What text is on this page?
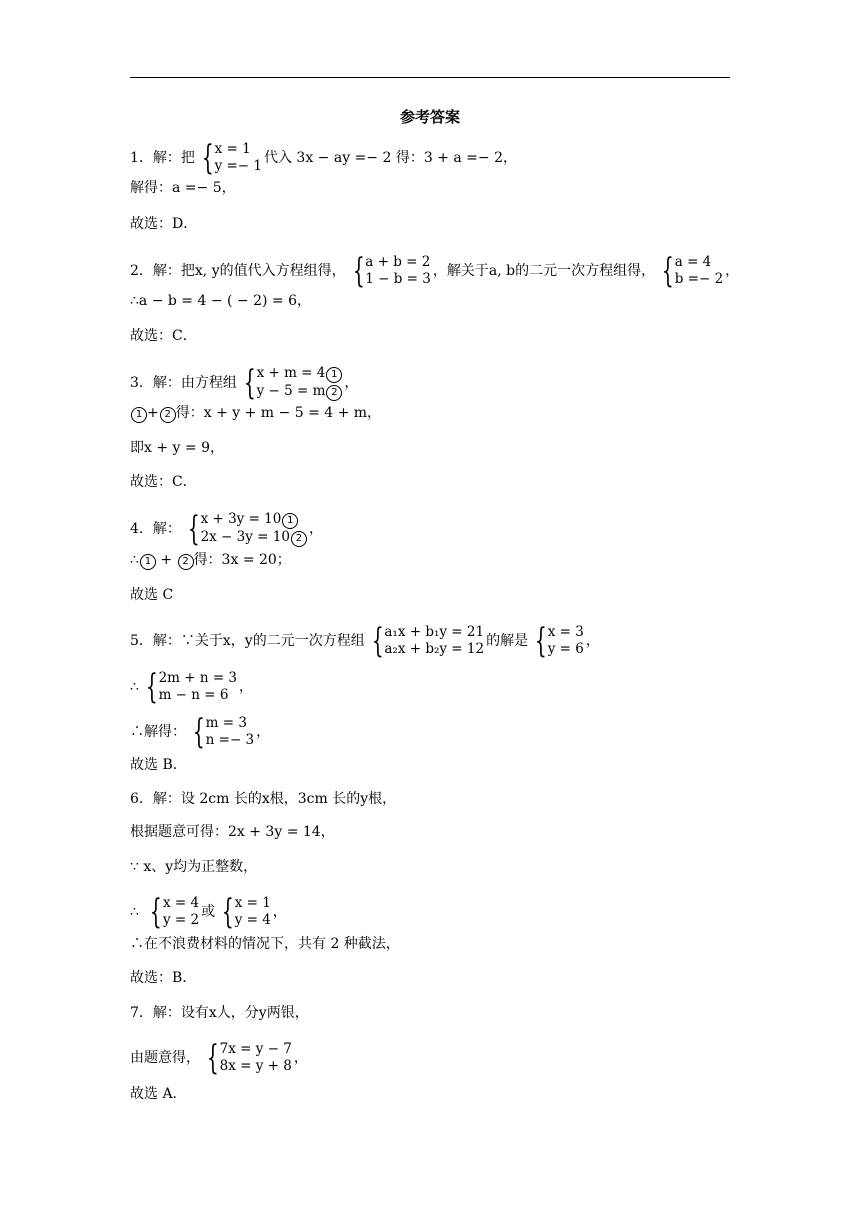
参考答案
1．解：把 { x = 1
y =− 1 代入 3x − ay =− 2 得：3 + a =− 2，
解得：a =− 5，
故选：D．
2．解：把x, y的值代入方程组得， { a + b = 2
1 − b = 3 ，解关于a, b的二元一次方程组得， { a = 4
b =− 2 ，
∴a − b = 4 − ( − 2) = 6，
故选：C．
3．解：由方程组 { x + m = 4 1
y − 5 = m 2
，
1 + 2 得：x + y + m − 5 = 4 + m，
即x + y = 9，
故选：C．
4．解： { x + 3y = 10 1
2x − 3y = 10 2
，
∴ 1 + 2 得：3x = 20；
故选 C
5．解：∵关于x，y的二元一次方程组 { a₁x + b₁y = 21
a₂x + b₂y = 12 的解是 { x = 3
y = 6 ，
∴ { 2m + n = 3
m − n = 6 ，
∴解得： { m = 3
n =− 3 ，
故选 B．
6．解：设 2cm 长的x根，3cm 长的y根，
根据题意可得：2x + 3y = 14，
∵ x、y均为正整数，
∴ { x = 4
y = 2 或 { x = 1
y = 4 ，
∴在不浪费材料的情况下，共有 2 种截法，
故选：B．
7．解：设有x人，分y两银，
由题意得， { 7x = y − 7
8x = y + 8 ，
故选 A．
